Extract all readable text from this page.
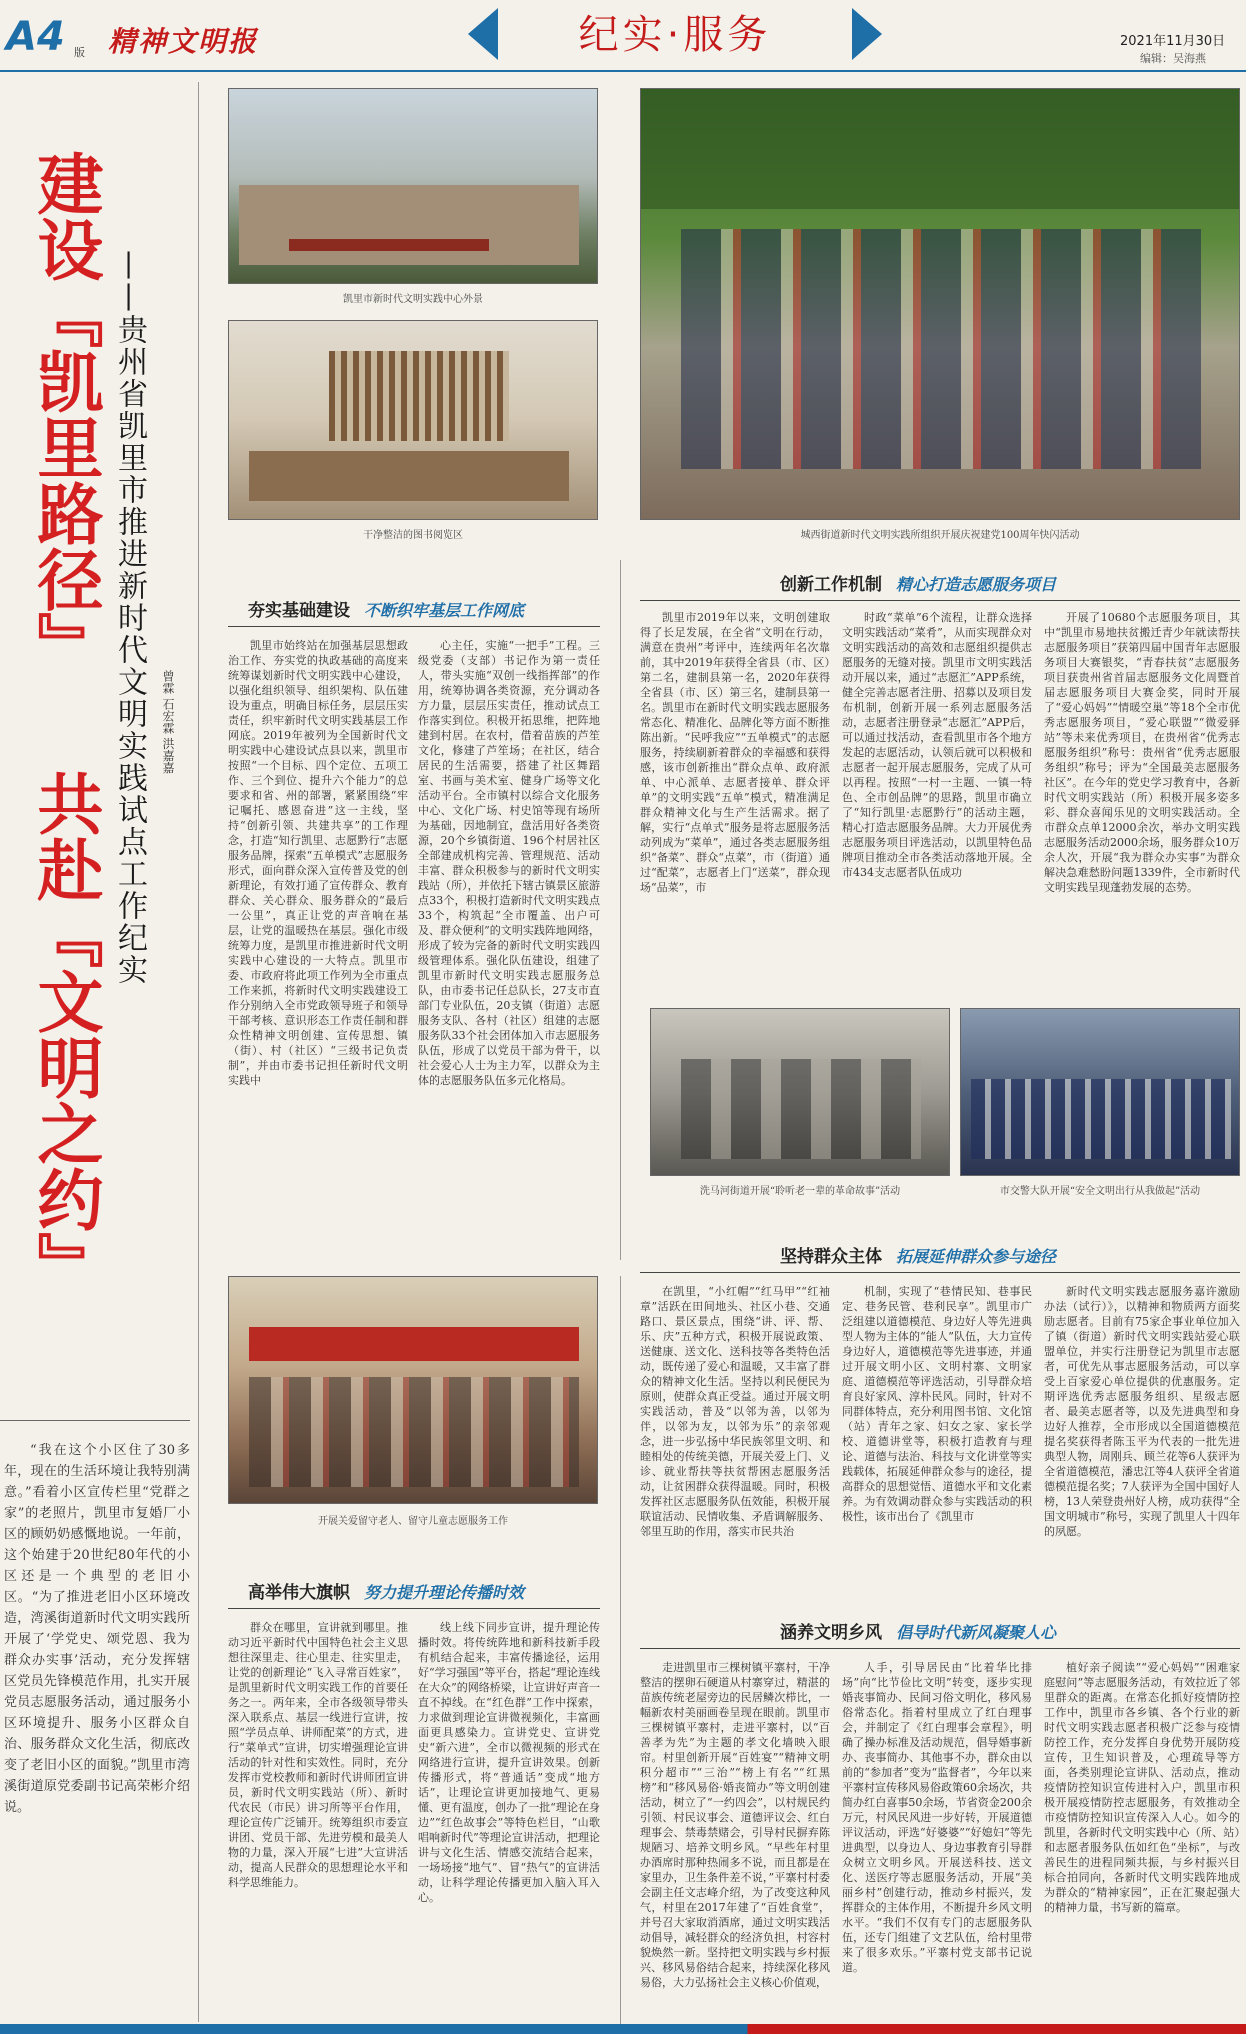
A4 版 精神文明报	纪实·服务	2021年11月30日
编辑：吴海燕
建设『凯里路径』
共赴『文明之约』
——贵州省凯里市推进新时代文明实践试点工作纪实 曾霖 石宏霖 洪嘉嘉
“我在这个小区住了30多年，现在的生活环境让我特别满意。”看着小区宣传栏里“党群之家”的老照片，凯里市复婚厂小区的顾奶奶感慨地说。一年前，这个始建于20世纪80年代的小区还是一个典型的老旧小区。“为了推进老旧小区环境改造，湾溪街道新时代文明实践所开展了‘学党史、颂党恩、我为群众办实事’活动，充分发挥辖区党员先锋模范作用，扎实开展党员志愿服务活动，通过服务小区环境提升、服务小区群众自治、服务群众文化生活，彻底改变了老旧小区的面貌。”凯里市湾溪街道原党委副书记高荣彬介绍说。
凯里市新时代文明实践中心外景
干净整洁的图书阅览区	城西街道新时代文明实践所组织开展庆祝建党100周年快闪活动
夯实基础建设 不断织牢基层工作网底
凯里市始终站在加强基层思想政治工作、夯实党的执政基础的高度来统筹谋划新时代文明实践中心建设，以强化组织领导、组织架构、队伍建设为重点，明确目标任务，层层压实责任，织牢新时代文明实践基层工作网底。2019年被列为全国新时代文明实践中心建设试点县以来，凯里市按照“一个目标、四个定位、五项工作、三个到位、提升六个能力”的总要求和省、州的部署，紧紧围绕“牢记嘱托、感恩奋进”这一主线，坚持“创新引领、共建共享”的工作理念，打造“知行凯里、志愿黔行”志愿服务品牌，探索“五单模式”志愿服务形式，面向群众深入宣传普及党的创新理论，有效打通了宣传群众、教育群众、关心群众、服务群众的“最后一公里”，真正让党的声音响在基层，让党的温暖热在基层。强化市级统筹力度，是凯里市推进新时代文明实践中心建设的一大特点。凯里市委、市政府将此项工作列为全市重点工作来抓，将新时代文明实践建设工作分别纳入全市党政领导班子和领导干部考核、意识形态工作责任制和群众性精神文明创建、宣传思想、镇（街）、村（社区）“三级书记负责制”，并由市委书记担任新时代文明实践中
心主任，实施“一把手”工程。三级党委（支部）书记作为第一责任人，带头实施“双创一线指挥部”的作用，统筹协调各类资源，充分调动各方力量，层层压实责任，推动试点工作落实到位。积极开拓思维，把阵地建到村居。在农村，借着苗族的芦笙文化，修建了芦笙场；在社区，结合居民的生活需要，搭建了社区舞蹈室、书画与美术室、健身广场等文化活动平台。全市镇村以综合文化服务中心、文化广场、村史馆等现有场所为基础，因地制宜，盘活用好各类资源，20个乡镇街道、196个村居社区全部建成机构完善、管理规范、活动丰富、群众积极参与的新时代文明实践站（所），并依托下辖古镇景区旅游点33个，积极打造新时代文明实践点33个，构筑起“全市覆盖、出户可及、群众便利”的文明实践阵地网络，形成了较为完备的新时代文明实践四级管理体系。强化队伍建设，组建了凯里市新时代文明实践志愿服务总队，由市委书记任总队长，27支市直部门专业队伍，20支镇（街道）志愿服务支队、各村（社区）组建的志愿服务队33个社会团体加入市志愿服务队伍，形成了以党员干部为骨干，以社会爱心人士为主力军，以群众为主体的志愿服务队伍多元化格局。
创新工作机制 精心打造志愿服务项目
凯里市2019年以来，文明创建取得了长足发展，在全省“文明在行动，满意在贵州”考评中，连续两年名次靠前，其中2019年获得全省县（市、区）第二名，建制县第一名，2020年获得全省县（市、区）第三名，建制县第一名。凯里市在新时代文明实践志愿服务常态化、精准化、品牌化等方面不断推陈出新。“民呼我应”“五单模式”的志愿服务，持续刷新着群众的幸福感和获得感，该市创新推出“群众点单、政府派单、中心派单、志愿者接单、群众评单”的文明实践“五单”模式，精准满足群众精神文化与生产生活需求。据了解，实行“点单式”服务是将志愿服务活动列成为“菜单”，通过各类志愿服务组织“备菜”、群众“点菜”，市（街道）通过“配菜”，志愿者上门“送菜”，群众现场“品菜”，市
时政“菜单”6个流程，让群众选择文明实践活动“菜肴”，从而实现群众对文明实践活动的高效和志愿组织提供志愿服务的无缝对接。凯里市文明实践活动开展以来，通过“志愿汇”APP系统，健全完善志愿者注册、招募以及项目发布机制，创新开展一系列志愿服务活动，志愿者注册登录“志愿汇”APP后，可以通过找活动，查看凯里市各个地方发起的志愿活动，认领后就可以积极和志愿者一起开展志愿服务，完成了从可以再程。按照“一村一主题、一镇一特色、全市创品牌”的思路，凯里市确立了“知行凯里·志愿黔行”的活动主题，精心打造志愿服务品牌。大力开展优秀志愿服务项目评选活动，以凯里特色品牌项目推动全市各类活动落地开展。全市434支志愿者队伍成功
开展了10680个志愿服务项目，其中“凯里市易地扶贫搬迁青少年就读帮扶志愿服务项目”获第四届中国青年志愿服务项目大赛银奖，“青春扶贫”志愿服务项目获贵州省首届志愿服务文化周暨首届志愿服务项目大赛金奖，同时开展了“爱心妈妈”“情暖空巢”等18个全市优秀志愿服务项目，“爱心联盟”“微爱驿站”等未来优秀项目，在贵州省“优秀志愿服务组织”称号：贵州省“优秀志愿服务组织”称号；评为“全国最美志愿服务社区”。在今年的党史学习教育中，各新时代文明实践站（所）积极开展多姿多彩、群众喜闻乐见的文明实践活动。全市群众点单12000余次，举办文明实践志愿服务活动2000余场，服务群众10万余人次，开展“我为群众办实事”为群众解决急难愁盼问题1339件，全市新时代文明实践呈现蓬勃发展的态势。
洗马河街道开展“聆听老一辈的革命故事”活动	市交警大队开展“安全文明出行从我做起”活动
坚持群众主体 拓展延伸群众参与途径
在凯里，“小红帽”“红马甲”“红袖章”活跃在田间地头、社区小巷、交通路口、景区景点，围绕“讲、评、帮、乐、庆”五种方式，积极开展说政策、送健康、送文化、送科技等各类特色活动，既传递了爱心和温暖，又丰富了群众的精神文化生活。坚持以利民便民为原则，使群众真正受益。通过开展文明实践活动，普及“以邻为善，以邻为伴，以邻为友，以邻为乐”的亲邻观念，进一步弘扬中华民族邻里文明、和睦相处的传统美德，开展关爱上门、义诊、就业帮扶等扶贫帮困志愿服务活动，让贫困群众获得温暖。同时，积极发挥社区志愿服务队伍效能，积极开展联谊活动、民情收集、矛盾调解服务、邻里互助的作用，落实市民共治
机制，实现了“巷情民知、巷事民定、巷务民管、巷利民享”。凯里市广泛组建以道德模范、身边好人等先进典型人物为主体的“能人”队伍，大力宣传身边好人，道德模范等先进事迹，并通过开展文明小区、文明村寨、文明家庭、道德模范等评选活动，引导群众培育良好家风、淳朴民风。同时，针对不同群体特点，充分利用图书馆、文化馆（站）青年之家、妇女之家、家长学校、道德讲堂等，积极打造教育与理论、道德与法治、科技与文化讲堂等实践载体，拓展延伸群众参与的途径，提高群众的思想觉悟、道德水平和文化素养。为有效调动群众参与实践活动的积极性，该市出台了《凯里市
新时代文明实践志愿服务嘉许激励办法（试行）》，以精神和物质两方面奖励志愿者。目前有75家企事业单位加入了镇（街道）新时代文明实践站爱心联盟单位，并实行注册登记为凯里市志愿者，可优先从事志愿服务活动，可以享受上百家爱心单位提供的优惠服务。定期评选优秀志愿服务组织、星级志愿者、最美志愿者等，以及先进典型和身边好人推荐，全市形成以全国道德模范提名奖获得者陈玉平为代表的一批先进典型人物，周刚兵、顾兰花等6人获评为全省道德模范，潘忠江等4人获评全省道德模范提名奖；7人获评为全国中国好人榜，13人荣登贵州好人榜，成功获得“全国文明城市”称号，实现了凯里人十四年的夙愿。
开展关爱留守老人、留守儿童志愿服务工作
高举伟大旗帜 努力提升理论传播时效
群众在哪里，宣讲就到哪里。推动习近平新时代中国特色社会主义思想往深里走、往心里走、往实里走，让党的创新理论“飞入寻常百姓家”，是凯里新时代文明实践工作的首要任务之一。两年来，全市各级领导带头深入联系点、基层一线进行宣讲，按照“学员点单、讲师配菜”的方式，进行“菜单式”宣讲，切实增强理论宣讲活动的针对性和实效性。同时，充分发挥市党校教师和新时代讲师团宣讲员，新时代文明实践站（所）、新时代农民（市民）讲习所等平台作用，理论宣传广泛铺开。统筹组织市委宣讲团、党员干部、先进劳模和最美人物的力量，深入开展“七进”大宣讲活动，提高人民群众的思想理论水平和科学思维能力。
线上线下同步宣讲，提升理论传播时效。将传统阵地和新科技新手段有机结合起来，丰富传播途径，运用好“学习强国”等平台，搭起“理论连线在大众”的网络桥梁，让宣讲好声音一直不掉线。在“红色群”工作中探索，力求做到理论宣讲微视频化，丰富画面更具感染力。宣讲党史、宣讲党史“新六进”，全市以微视频的形式在网络进行宣讲，提升宣讲效果。创新传播形式，将“普通话”变成“地方话”，让理论宣讲更加接地气、更易懂、更有温度，创办了一批“理论在身边”“红色故事会”等特色栏目，“山歌唱响新时代”等理论宣讲活动，把理论讲与文化生活、情感交流结合起来，一场场接“地气”、冒“热气”的宣讲活动，让科学理论传播更加入脑入耳入心。
涵养文明乡风 倡导时代新风凝聚人心
走进凯里市三棵树镇平寨村，干净整洁的摆卵石硬道从村寨穿过，精湛的苗族传统老屋旁边的民居鳞次栉比，一幅新农村美丽画卷呈现在眼前。凯里市三棵树镇平寨村，走进平寨村，以“百善孝为先”为主题的孝文化墙映入眼帘。村里创新开展“百姓宴”“精神文明积分超市”“三治”“榜上有名”“红黑榜”和“移风易俗·婚丧简办”等文明创建活动，树立了“一约四会”，以村规民约引领、村民议事会、道德评议会、红白理事会、禁毒禁赌会，引导村民摒弃陈规陋习、培养文明乡风。“早些年村里办酒席时那种热闹多不说，而且都是在家里办，卫生条件差不说，”平寨村村委会副主任文志峰介绍，为了改变这种风气，村里在2017年建了“百姓食堂”，并号召大家取消酒席，通过文明实践活动倡导，减轻群众的经济负担，村容村貌焕然一新。坚持把文明实践与乡村振兴、移风易俗结合起来，持续深化移风易俗，大力弘扬社会主义核心价值观，
人手，引导居民由“比着华比排场”向“比节俭比文明”转变，逐步实现婚丧事简办、民间习俗文明化，移风易俗常态化。指着村里成立了红白理事会，并制定了《红白理事会章程》，明确了操办标准及活动规范，倡导婚事新办、丧事简办、其他事不办，群众由以前的“参加者”变为“监督者”，今年以来平寨村宣传移风易俗政策60余场次，共简办红白喜事50余场，节省资金200余万元，村风民风进一步好转，开展道德评议活动，评选“好婆婆”“好媳妇”等先进典型，以身边人、身边事教育引导群众树立文明乡风。开展送科技、送文化、送医疗等志愿服务活动，开展“美丽乡村”创建行动，推动乡村振兴，发挥群众的主体作用，不断提升乡风文明水平。“我们不仅有专门的志愿服务队伍，还专门组建了文艺队伍，给村里带来了很多欢乐。”平寨村党支部书记说道。
植好亲子阅读”“爱心妈妈”“困难家庭慰问”等志愿服务活动，有效拉近了邻里群众的距离。在常态化抓好疫情防控工作中，凯里市各乡镇、各个行业的新时代文明实践志愿者积极广泛参与疫情防控工作，充分发挥自身优势开展防疫宣传，卫生知识普及，心理疏导等方面，各类别理论宣讲队、活动点，推动疫情防控知识宣传进村入户，凯里市积极开展疫情防控志愿服务，有效推动全市疫情防控知识宣传深入人心。如今的凯里，各新时代文明实践中心（所、站）和志愿者服务队伍如红色“坐标”，与改善民生的进程同频共振，与乡村振兴目标合拍同向，各新时代文明实践阵地成为群众的“精神家园”，正在汇聚起强大的精神力量，书写新的篇章。
